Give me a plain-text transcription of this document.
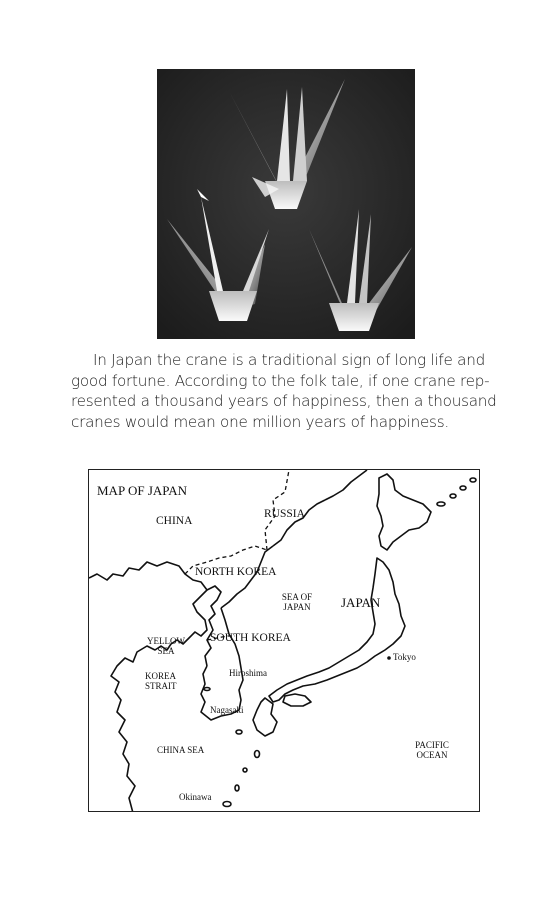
In Japan the crane is a traditional sign of long life and
good fortune. According to the folk tale, if one crane rep-
resented a thousand years of happiness, then a thousand
cranes would mean one million years of happiness.

MAP OF JAPAN
CHINA
RUSSIA
NORTH KOREA
SEA OF
JAPAN	JAPAN
YELLOW
SEA
SOUTH KOREA
KOREA
STRAIT
CHINA SEA	PACIFIC
OCEAN
Tokyo
Hiroshima
Nagasaki
Okinawa
